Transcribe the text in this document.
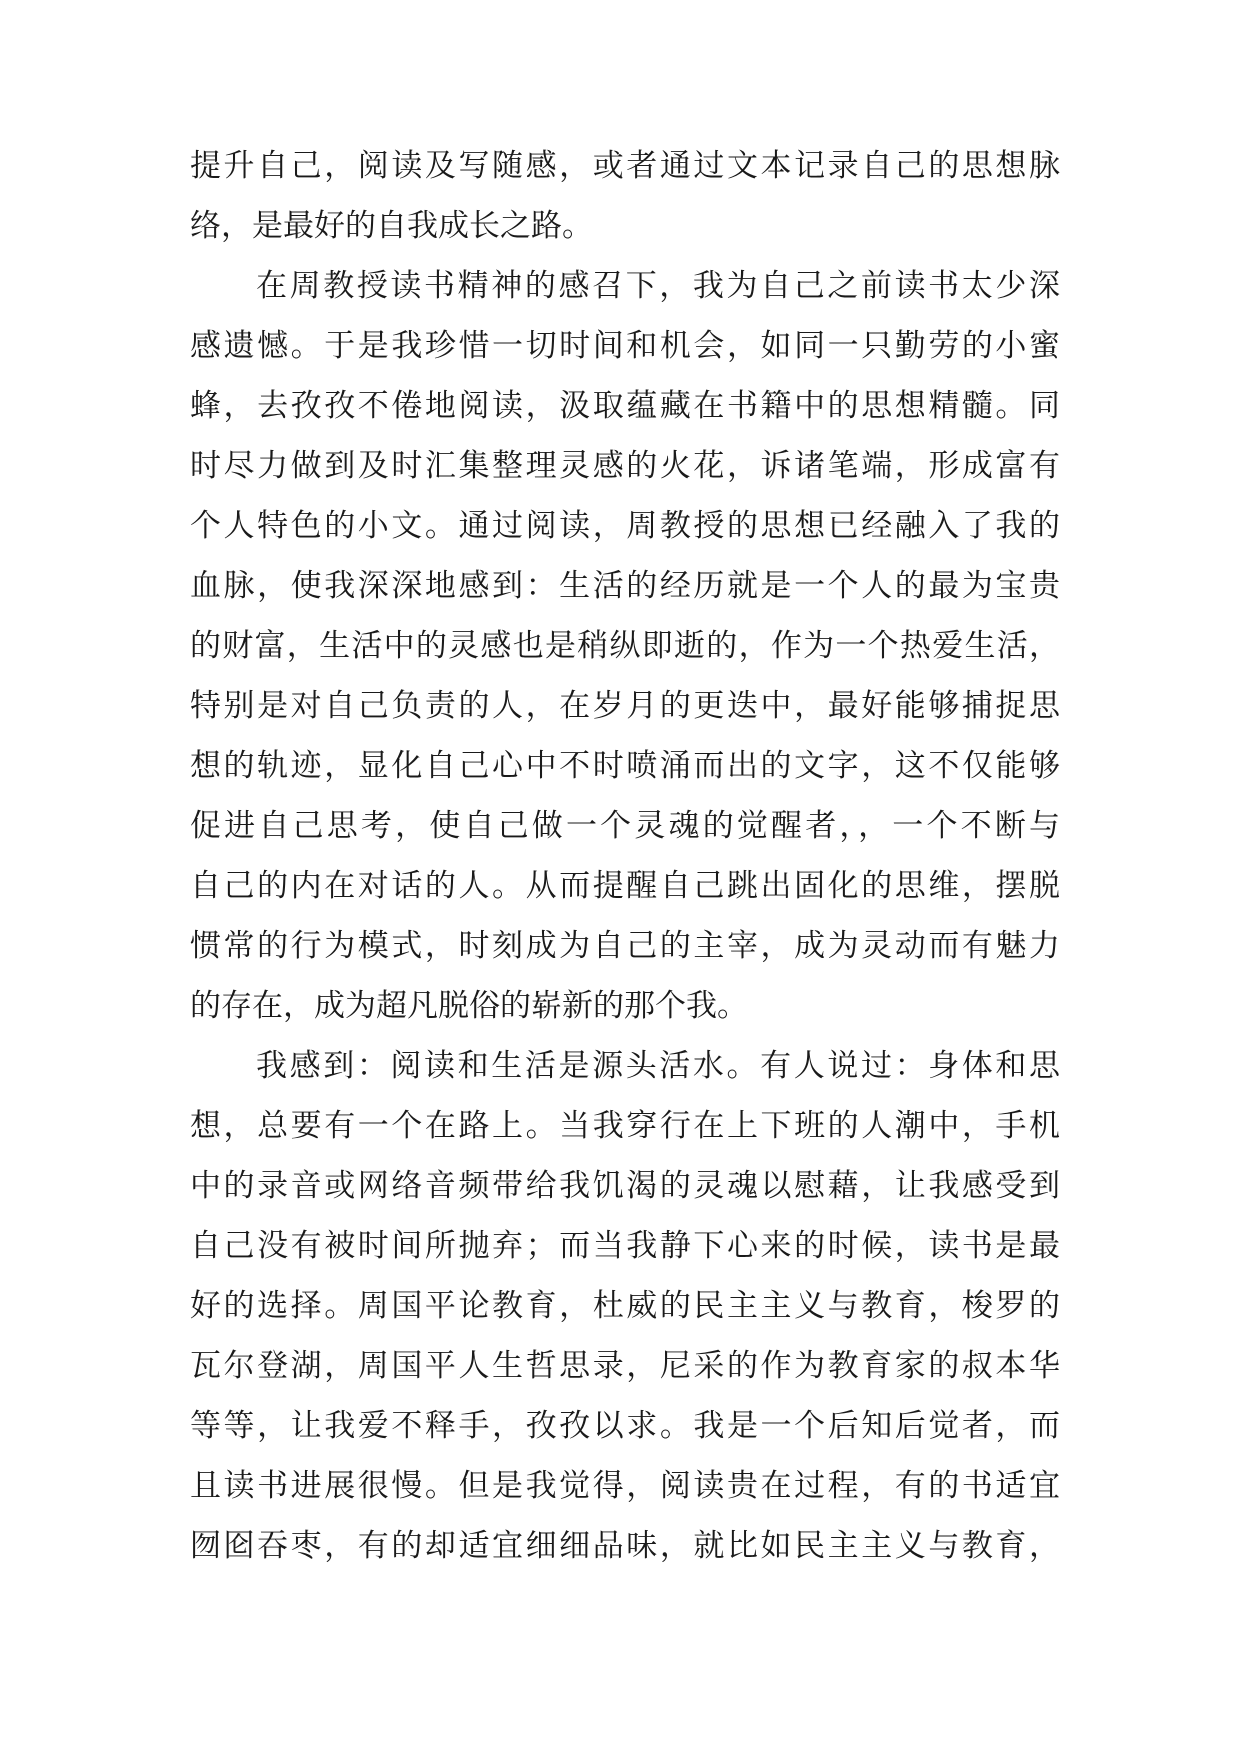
提升自己，阅读及写随感，或者通过文本记录自己的思想脉
络，是最好的自我成长之路。
在周教授读书精神的感召下，我为自己之前读书太少深
感遗憾。于是我珍惜一切时间和机会，如同一只勤劳的小蜜
蜂，去孜孜不倦地阅读，汲取蕴藏在书籍中的思想精髓。同
时尽力做到及时汇集整理灵感的火花，诉诸笔端，形成富有
个人特色的小文。通过阅读，周教授的思想已经融入了我的
血脉，使我深深地感到：生活的经历就是一个人的最为宝贵
的财富，生活中的灵感也是稍纵即逝的，作为一个热爱生活，
特别是对自己负责的人，在岁月的更迭中，最好能够捕捉思
想的轨迹，显化自己心中不时喷涌而出的文字，这不仅能够
促进自己思考，使自己做一个灵魂的觉醒者，，一个不断与
自己的内在对话的人。从而提醒自己跳出固化的思维，摆脱
惯常的行为模式，时刻成为自己的主宰，成为灵动而有魅力
的存在，成为超凡脱俗的崭新的那个我。
我感到：阅读和生活是源头活水。有人说过：身体和思
想，总要有一个在路上。当我穿行在上下班的人潮中，手机
中的录音或网络音频带给我饥渴的灵魂以慰藉，让我感受到
自己没有被时间所抛弃；而当我静下心来的时候，读书是最
好的选择。周国平论教育，杜威的民主主义与教育，梭罗的
瓦尔登湖，周国平人生哲思录，尼采的作为教育家的叔本华
等等，让我爱不释手，孜孜以求。我是一个后知后觉者，而
且读书进展很慢。但是我觉得，阅读贵在过程，有的书适宜
囫囵吞枣，有的却适宜细细品味，就比如民主主义与教育，
